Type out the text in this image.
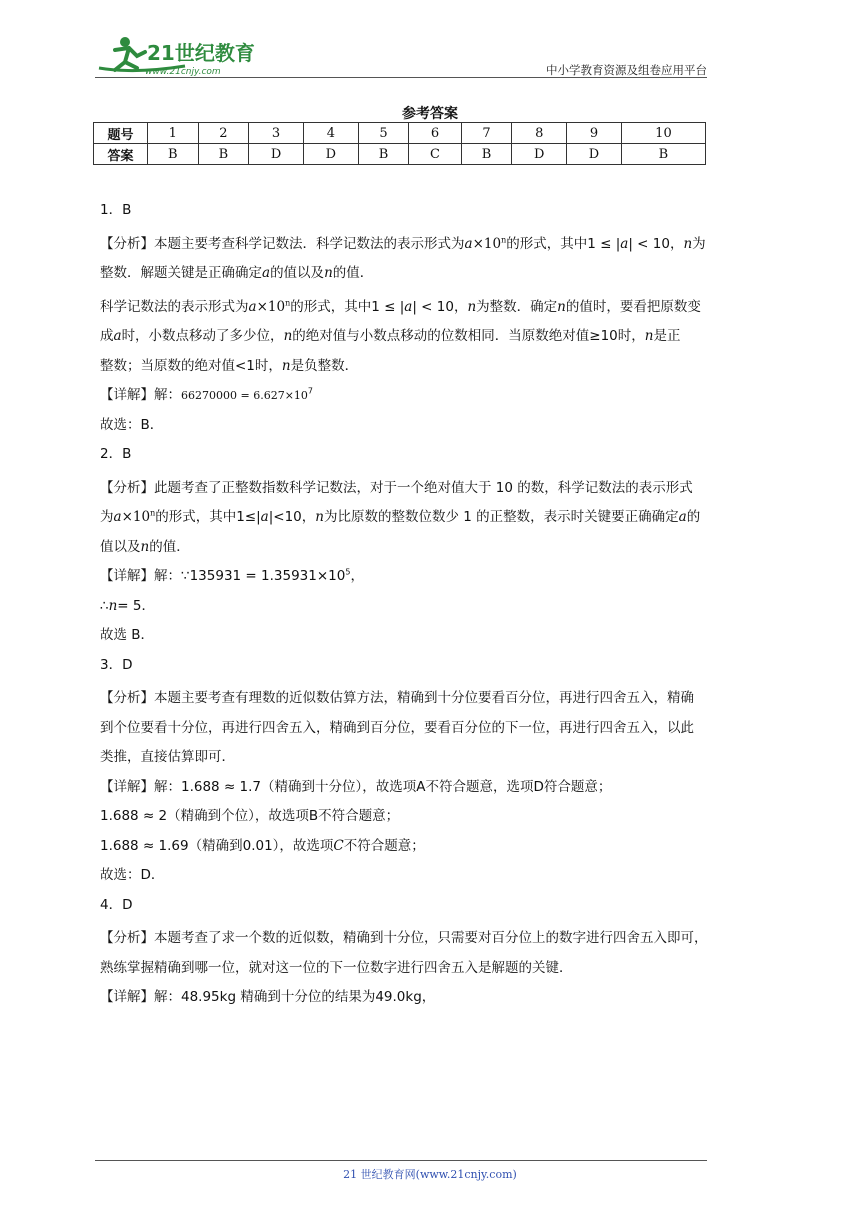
21世纪教育
www.21cnjy.com	中小学教育资源及组卷应用平台
参考答案
题号	1	2	3	4	5	6	7	8	9	10
答案	B	B	D	D	B	C	B	D	D	B

1．B

【分析】本题主要考查科学记数法．科学记数法的表示形式为$a\times 10^n$的形式，其中1 ≤ |a| < 10，n为

整数．解题关键是正确确定a的值以及n的值．

科学记数法的表示形式为$a\times 10^n$的形式，其中1 ≤ |a| < 10，n为整数．确定n的值时，要看把原数变

成a时，小数点移动了多少位，n的绝对值与小数点移动的位数相同．当原数绝对值≥10时，n是正

整数；当原数的绝对值<1时，n是负整数．

【详解】解：$66270000 = 6.627\times 10^7$

故选：B．

2．B

【分析】此题考查了正整数指数科学记数法，对于一个绝对值大于 10 的数，科学记数法的表示形式

为$a\times 10^n$的形式，其中1≤|a|<10，n为比原数的整数位数少 1 的正整数，表示时关键要正确确定a的

值以及n的值．

【详解】解：∵135931 = $1.35931\times 10^5$，

∴n= 5．

故选 B．

3．D

【分析】本题主要考查有理数的近似数估算方法，精确到十分位要看百分位，再进行四舍五入，精确

到个位要看十分位，再进行四舍五入，精确到百分位，要看百分位的下一位，再进行四舍五入，以此

类推，直接估算即可．

【详解】解：1.688 ≈ 1.7（精确到十分位），故选项A不符合题意，选项D符合题意；

1.688 ≈ 2（精确到个位），故选项B不符合题意；

1.688 ≈ 1.69（精确到0.01），故选项C不符合题意；

故选：D．

4．D

【分析】本题考查了求一个数的近似数，精确到十分位，只需要对百分位上的数字进行四舍五入即可，

熟练掌握精确到哪一位，就对这一位的下一位数字进行四舍五入是解题的关键．

【详解】解：48.95kg 精确到十分位的结果为49.0kg，

21 世纪教育网(www.21cnjy.com)
